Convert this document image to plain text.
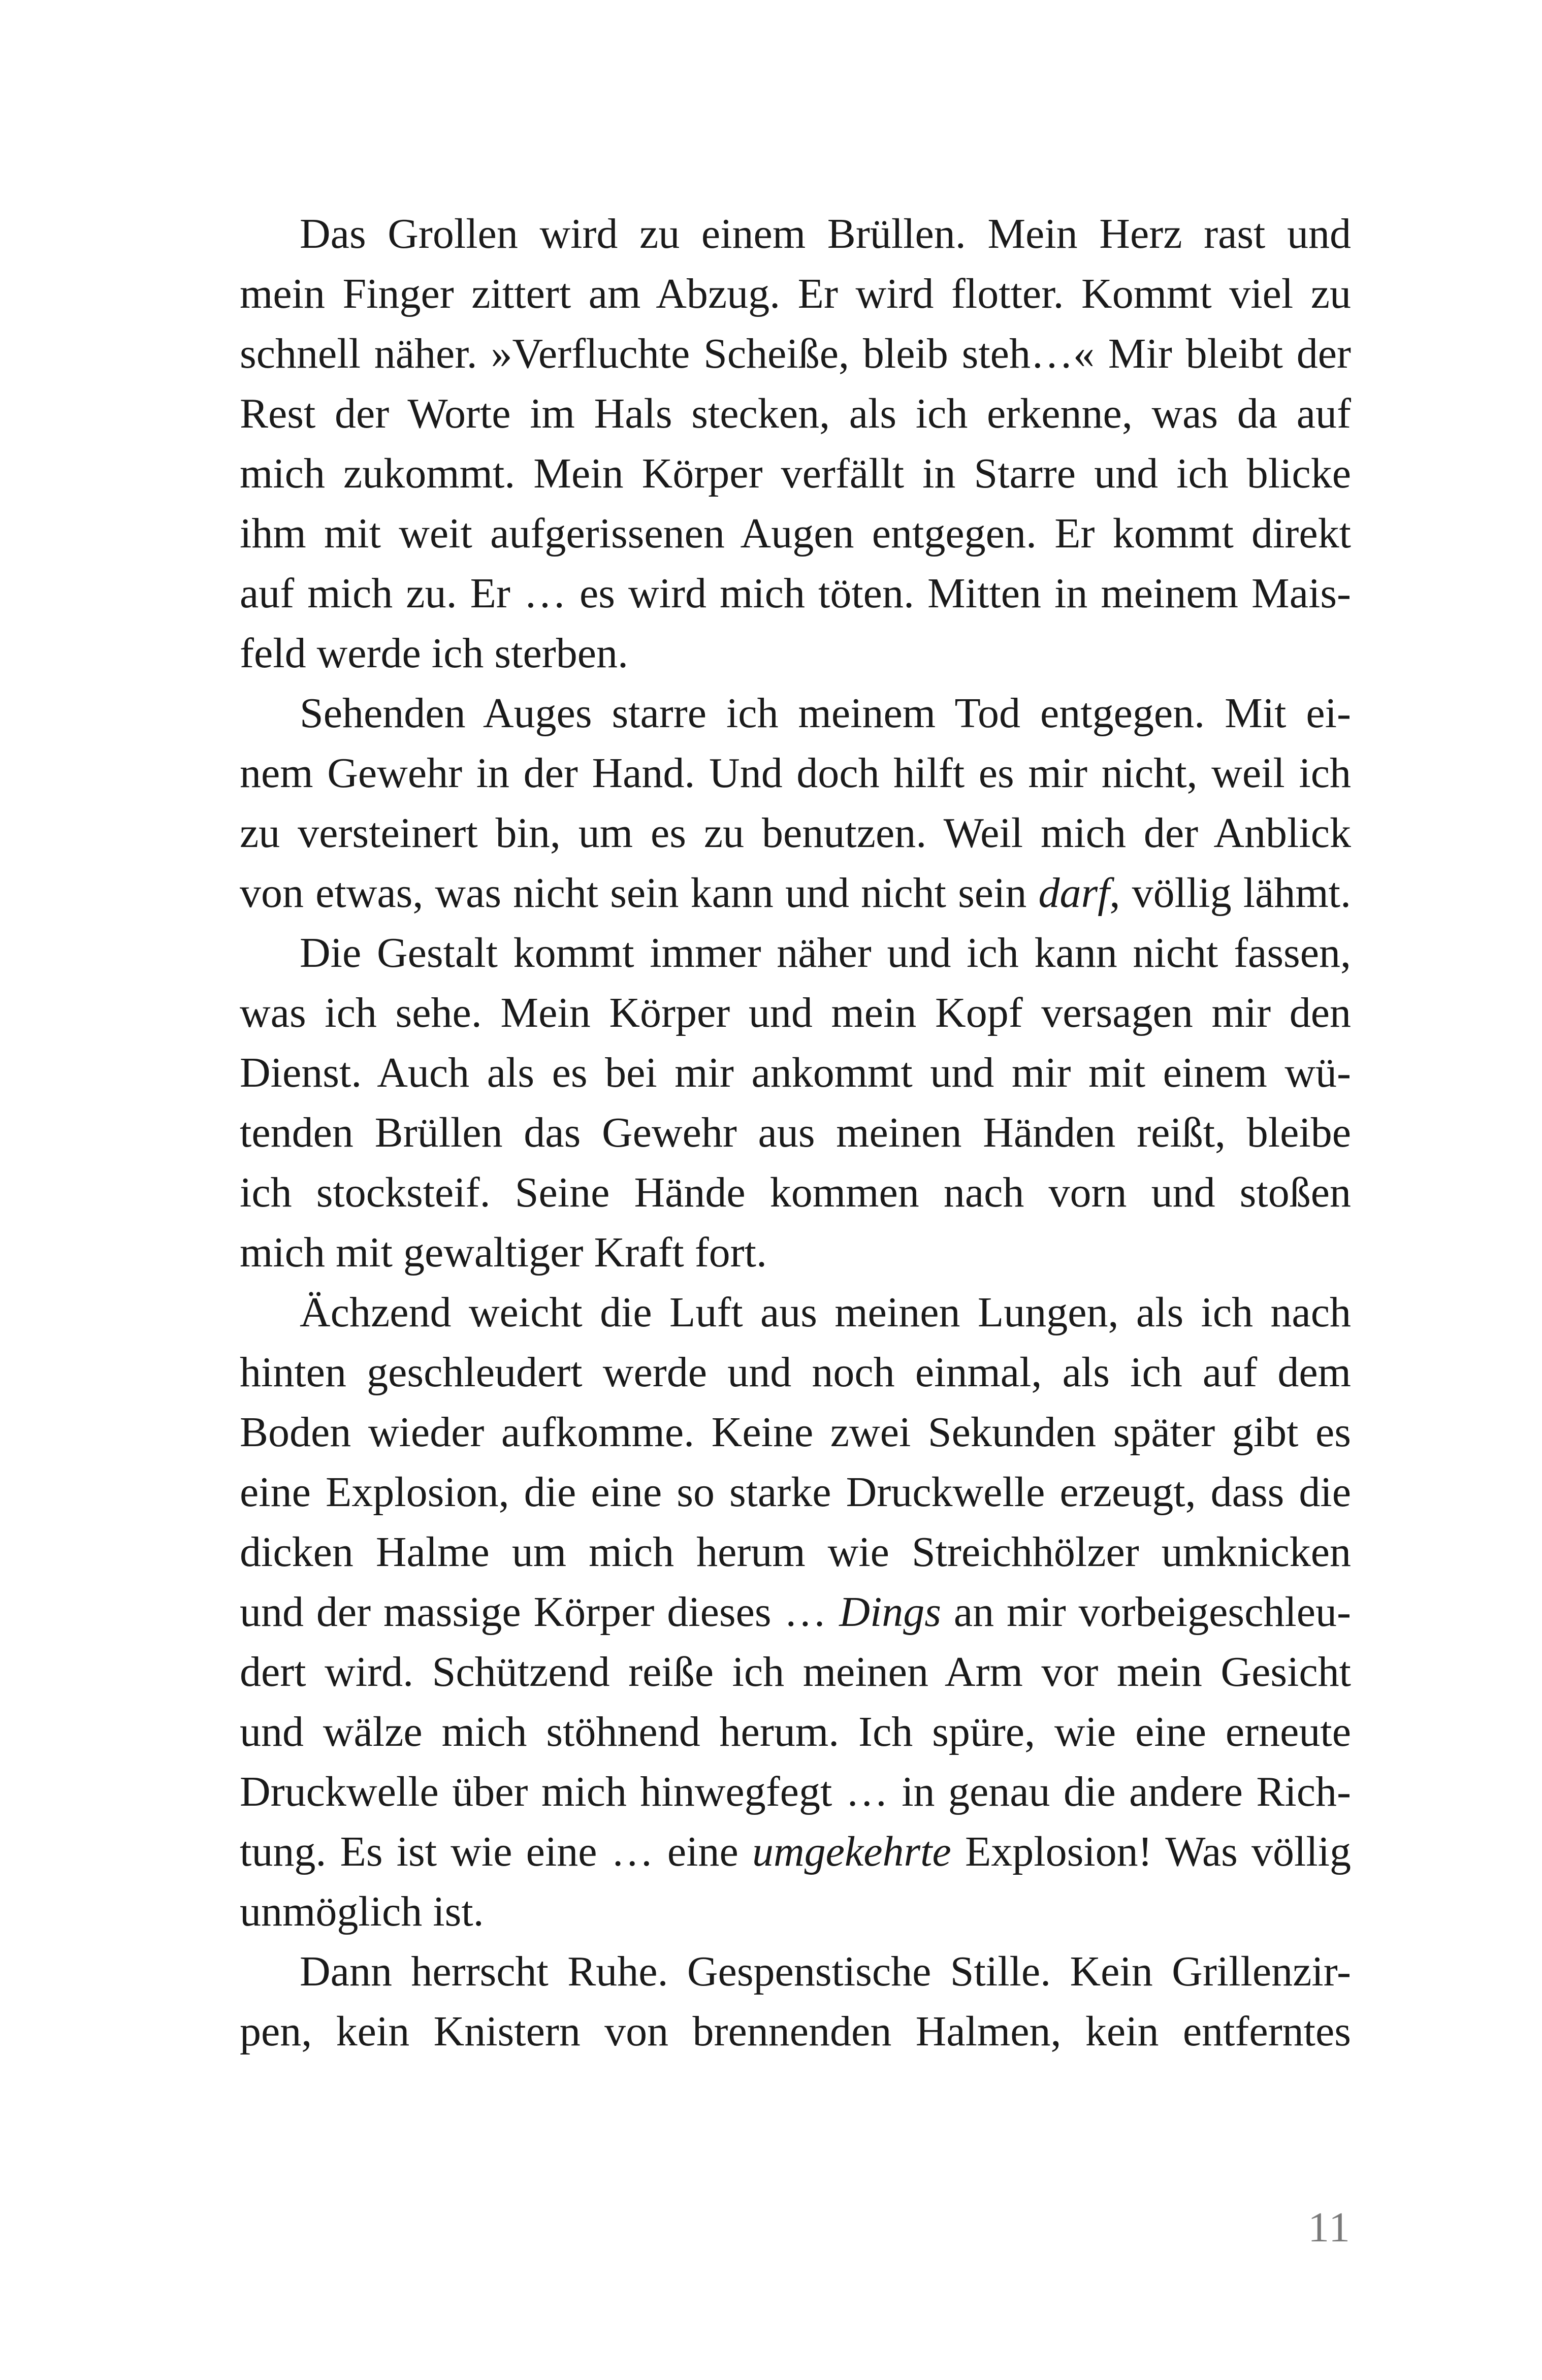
Das Grollen wird zu einem Brüllen. Mein Herz rast und
mein Finger zittert am Abzug. Er wird flotter. Kommt viel zu
schnell näher. »Verfluchte Scheiße, bleib steh…« Mir bleibt der
Rest der Worte im Hals stecken, als ich erkenne, was da auf
mich zukommt. Mein Körper verfällt in Starre und ich blicke
ihm mit weit aufgerissenen Augen entgegen. Er kommt direkt
auf mich zu. Er … es wird mich töten. Mitten in meinem Mais-
feld werde ich sterben.
Sehenden Auges starre ich meinem Tod entgegen. Mit ei-
nem Gewehr in der Hand. Und doch hilft es mir nicht, weil ich
zu versteinert bin, um es zu benutzen. Weil mich der Anblick
von etwas, was nicht sein kann und nicht sein darf, völlig lähmt.
Die Gestalt kommt immer näher und ich kann nicht fassen,
was ich sehe. Mein Körper und mein Kopf versagen mir den
Dienst. Auch als es bei mir ankommt und mir mit einem wü-
tenden Brüllen das Gewehr aus meinen Händen reißt, bleibe
ich stocksteif. Seine Hände kommen nach vorn und stoßen
mich mit gewaltiger Kraft fort.
Ächzend weicht die Luft aus meinen Lungen, als ich nach
hinten geschleudert werde und noch einmal, als ich auf dem
Boden wieder aufkomme. Keine zwei Sekunden später gibt es
eine Explosion, die eine so starke Druckwelle erzeugt, dass die
dicken Halme um mich herum wie Streichhölzer umknicken
und der massige Körper dieses … Dings an mir vorbeigeschleu-
dert wird. Schützend reiße ich meinen Arm vor mein Gesicht
und wälze mich stöhnend herum. Ich spüre, wie eine erneute
Druckwelle über mich hinwegfegt … in genau die andere Rich-
tung. Es ist wie eine … eine umgekehrte Explosion! Was völlig
unmöglich ist.
Dann herrscht Ruhe. Gespenstische Stille. Kein Grillenzir-
pen, kein Knistern von brennenden Halmen, kein entferntes
11
